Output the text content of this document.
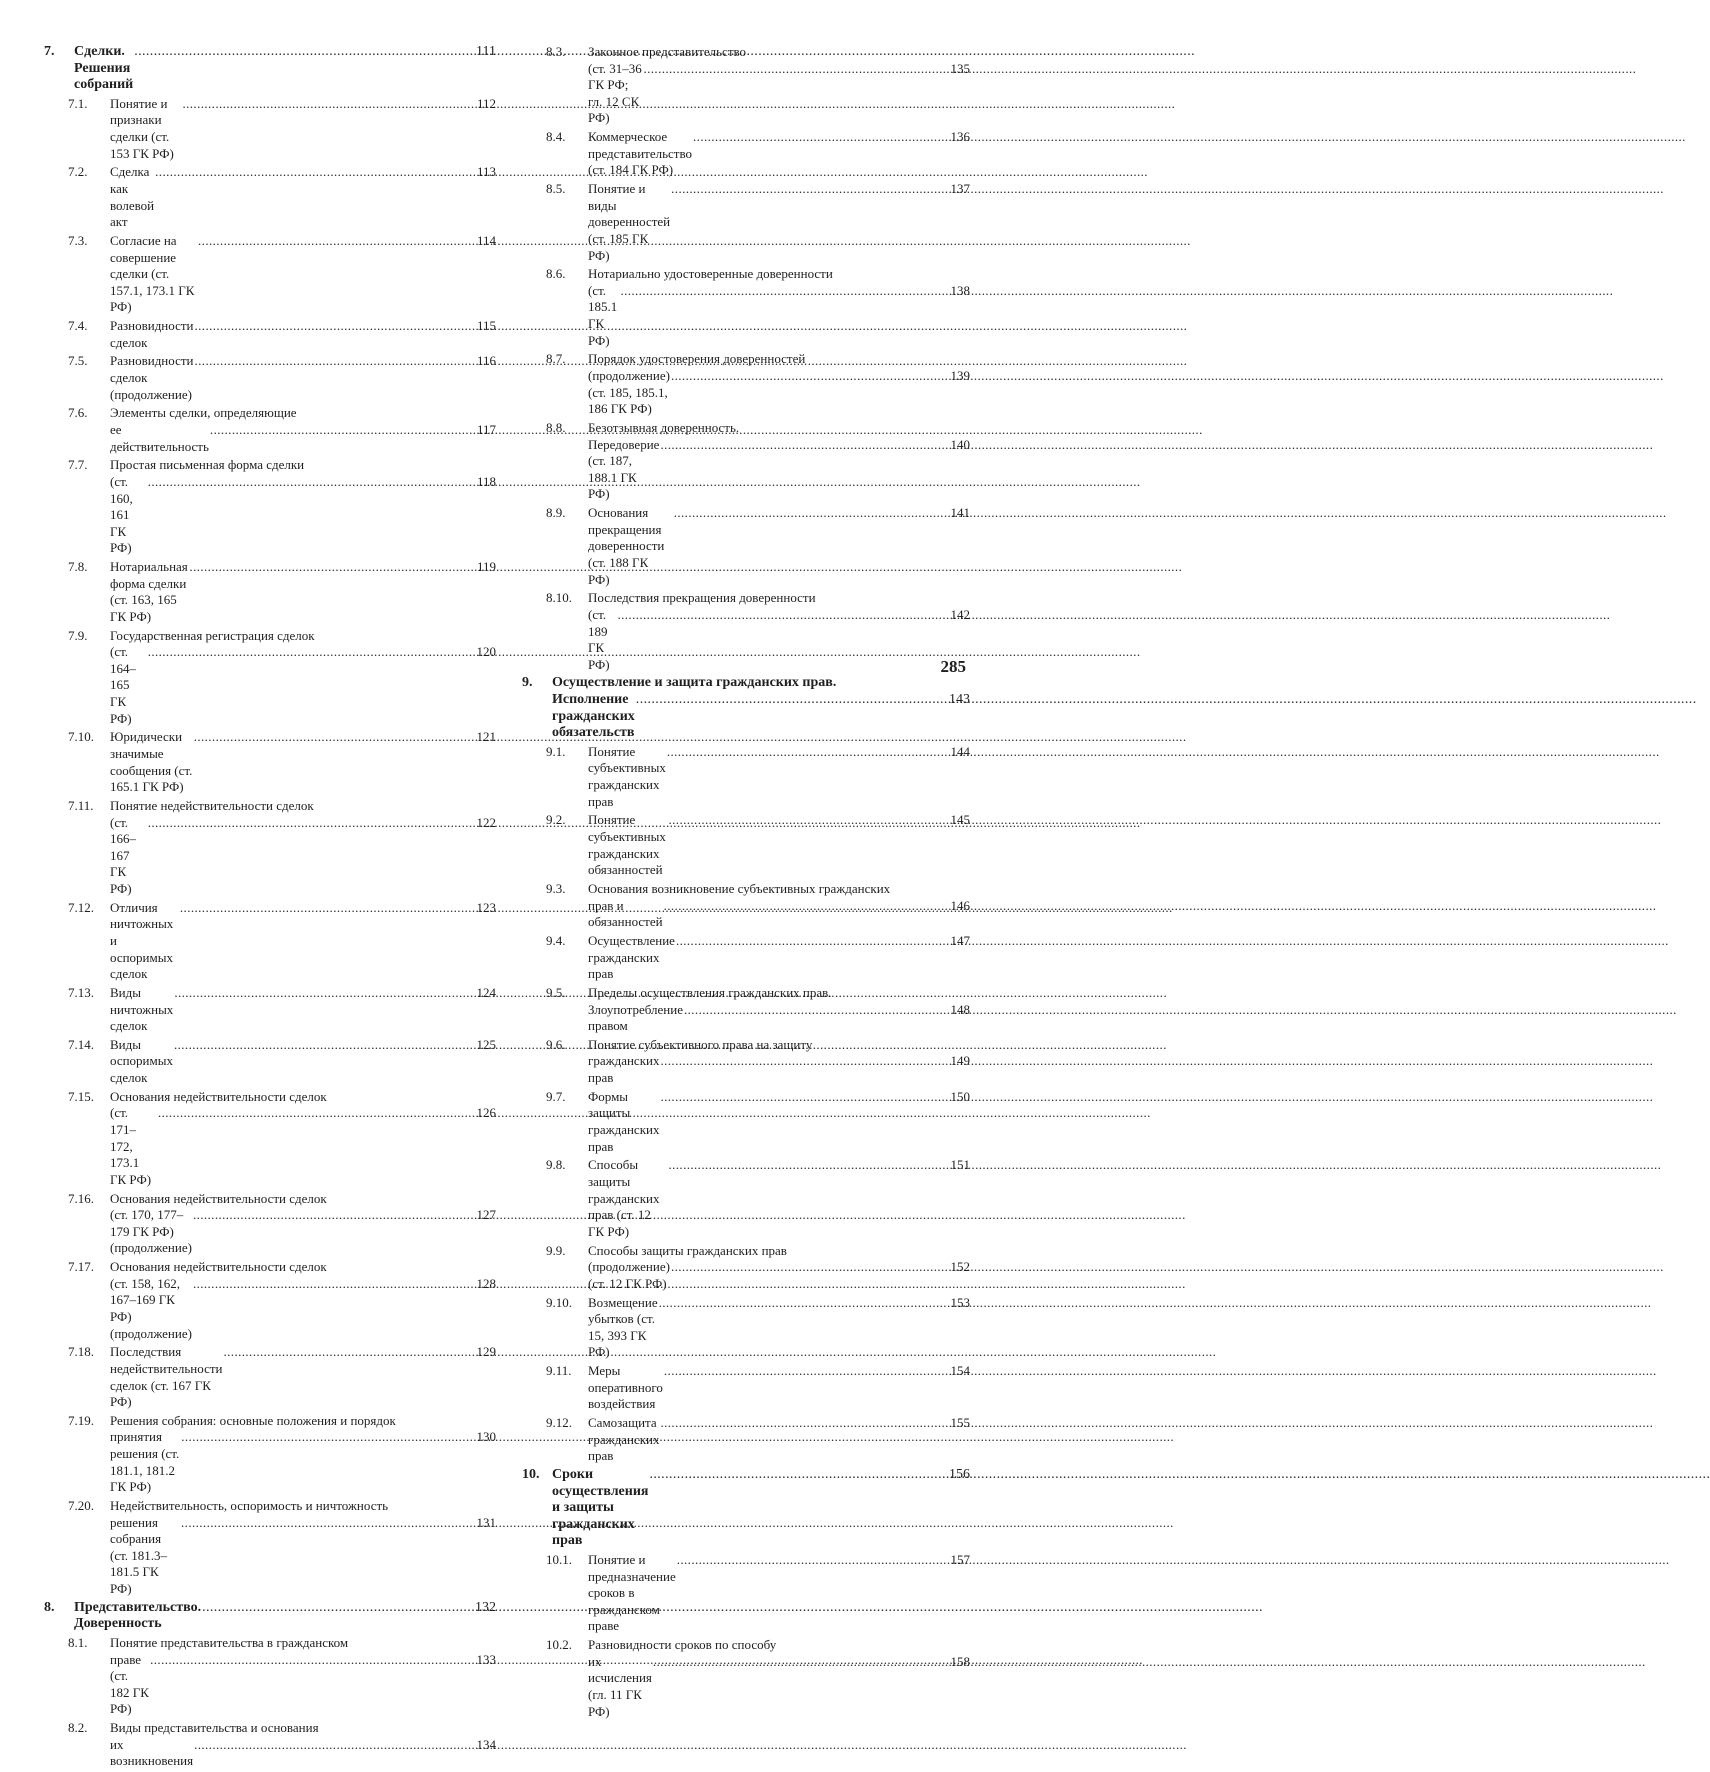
7.	Сделки. Решения собраний
.....
111
7.1.	Понятие и признаки сделки (ст. 153 ГК РФ)
.....
112
7.2.	Сделка как волевой акт
.....
113
7.3.	Согласие на совершение сделки (ст. 157.1, 173.1 ГК РФ)
.....
114
7.4.	Разновидности сделок
.....
115
7.5.	Разновидности сделок (продолжение)
.....
116
7.6.	Элементы сделки, определяющие
ее действительность
.....
117
7.7.	Простая письменная форма сделки
(ст. 160, 161 ГК РФ)
.....
118
7.8.	Нотариальная форма сделки (ст. 163, 165 ГК РФ)
.....
119
7.9.	Государственная регистрация сделок
(ст. 164–165 ГК РФ)
.....
120
7.10.	Юридически значимые сообщения (ст. 165.1 ГК РФ)
.....
121
7.11.	Понятие недействительности сделок
(ст. 166–167 ГК РФ)
.....
122
7.12.	Отличия ничтожных и оспоримых сделок
.....
123
7.13.	Виды ничтожных сделок
.....
124
7.14.	Виды оспоримых сделок
.....
125
7.15.	Основания недействительности сделок
(ст. 171–172, 173.1 ГК РФ)
.....
126
7.16.	Основания недействительности сделок
(ст. 170, 177–179 ГК РФ) (продолжение)
.....
127
7.17.	Основания недействительности сделок
(ст. 158, 162, 167–169 ГК РФ) (продолжение)
.....
128
7.18.	Последствия недействительности сделок (ст. 167 ГК РФ)
.....
129
7.19.	Решения собрания: основные положения и порядок
принятия решения (ст. 181.1, 181.2 ГК РФ)
.....
130
7.20.	Недействительность, оспоримость и ничтожность
решения собрания (ст. 181.3–181.5 ГК РФ)
.....
131
8.	Представительство. Доверенность
.....
132
8.1.	Понятие представительства в гражданском
праве (ст. 182 ГК РФ)
.....
133
8.2.	Виды представительства и основания
их возникновения
.....
134
8.3.	Законное представительство
(ст. 31–36 ГК РФ; гл. 12 СК РФ)
.....
135
8.4.	Коммерческое представительство (ст. 184 ГК РФ)
.....
136
8.5.	Понятие и виды доверенностей (ст. 185 ГК РФ)
.....
137
8.6.	Нотариально удостоверенные доверенности
(ст. 185.1 ГК РФ)
.....
138
8.7.	Порядок удостоверения доверенностей
(продолжение) (ст. 185, 185.1, 186 ГК РФ)
.....
139
8.8.	Безотзывная доверенность.
Передоверие (ст. 187, 188.1 ГК РФ)
.....
140
8.9.	Основания прекращения доверенности (ст. 188 ГК РФ)
.....
141
8.10.	Последствия прекращения доверенности
(ст. 189 ГК РФ)
.....
142
9.	Осуществление и защита гражданских прав.
Исполнение гражданских обязательств
.....
143
9.1.	Понятие субъективных гражданских прав
.....
144
9.2.	Понятие субъективных гражданских обязанностей
.....
145
9.3.	Основания возникновение субъективных гражданских
прав и обязанностей
.....
146
9.4.	Осуществление гражданских прав
.....
147
9.5.	Пределы осуществления гражданских прав.
Злоупотребление правом
.....
148
9.6.	Понятие субъективного права на защиту
гражданских прав
.....
149
9.7.	Формы защиты гражданских прав
.....
150
9.8.	Способы защиты гражданских прав (ст. 12 ГК РФ)
.....
151
9.9.	Способы защиты гражданских прав
(продолжение) (ст. 12 ГК РФ)
.....
152
9.10.	Возмещение убытков (ст. 15, 393 ГК РФ)
.....
153
9.11.	Меры оперативного воздействия
.....
154
9.12.	Самозащита гражданских прав
.....
155
10. Сроки осуществления и защиты гражданских прав
.....
156
10.1.	Понятие и предназначение сроков в гражданском праве
.....
157
10.2.	Разновидности сроков по способу
их исчисления (гл. 11 ГК РФ)
.....
158
285
